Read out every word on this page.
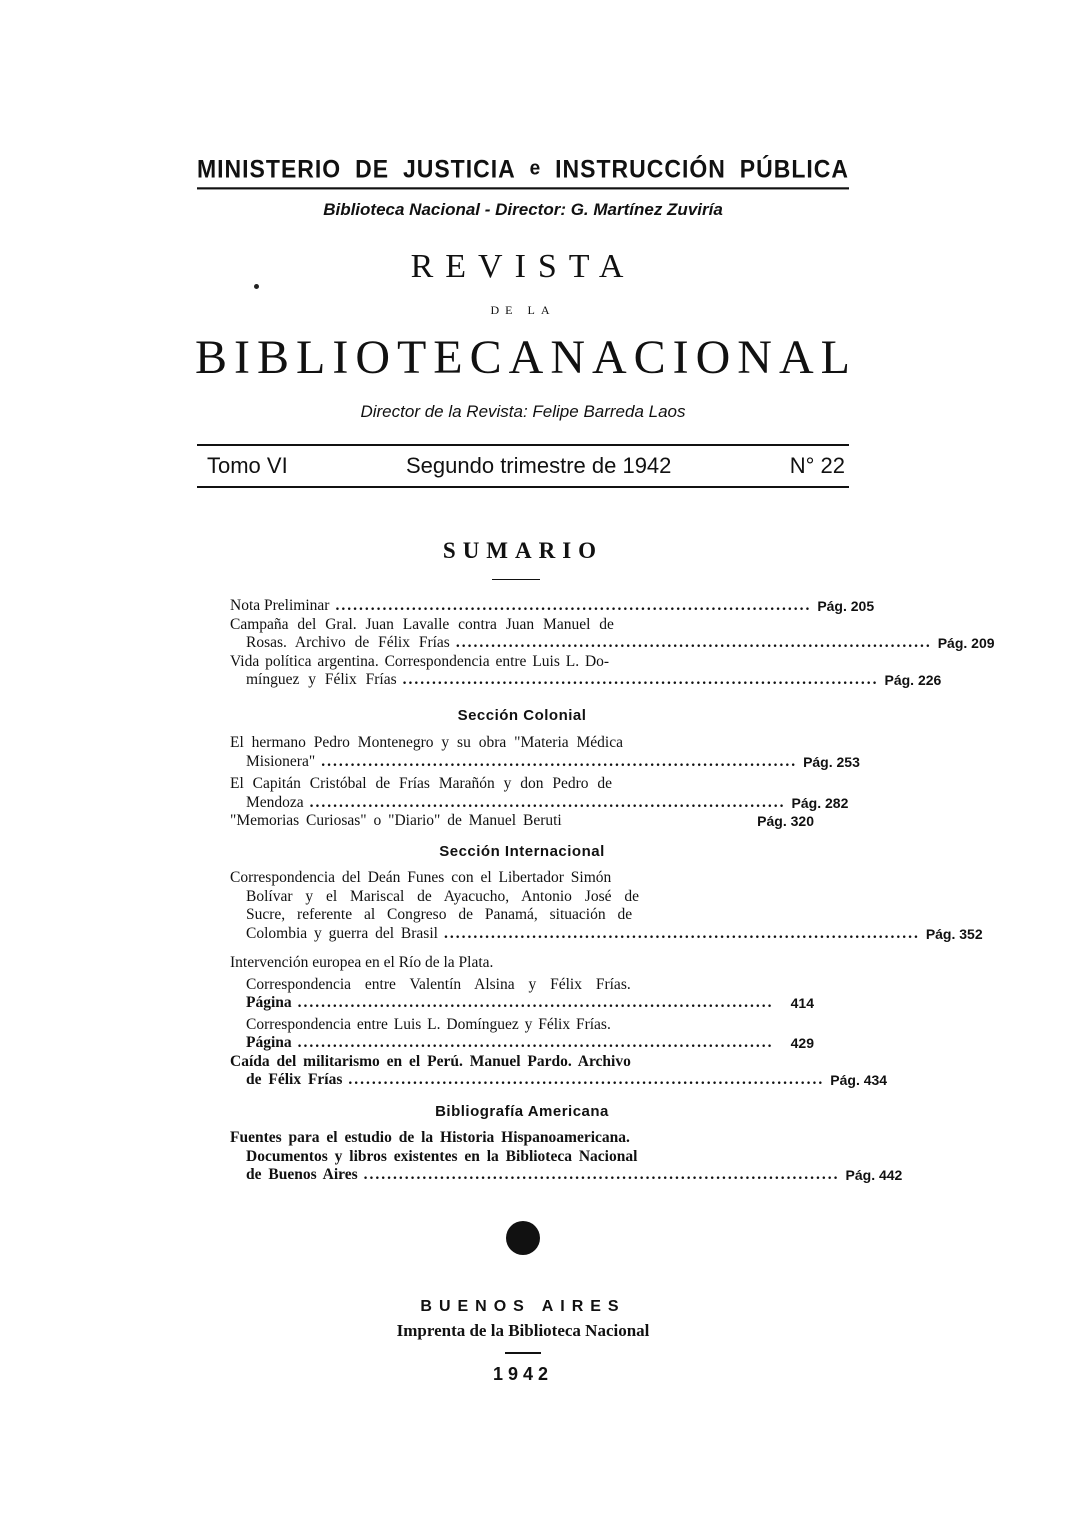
MINISTERIO DE JUSTICIA e INSTRUCCIÓN PÚBLICA
Biblioteca Nacional - Director: G. Martínez Zuviría
REVISTA
DE LA
BIBLIOTECA NACIONAL
Director de la Revista: Felipe Barreda Laos
Tomo VI	Segundo trimestre de 1942	N° 22
SUMARIO
Nota Preliminar ................................................................................. Pág. 205
Campaña del Gral. Juan Lavalle contra Juan Manuel de
Rosas. Archivo de Félix Frías ................................................................................. Pág. 209
Vida política argentina. Correspondencia entre Luis L. Do-
mínguez y Félix Frías ................................................................................. Pág. 226
Sección Colonial
El hermano Pedro Montenegro y su obra "Materia Médica
Misionera" ................................................................................. Pág. 253
El Capitán Cristóbal de Frías Marañón y don Pedro de
Mendoza ................................................................................. Pág. 282
"Memorias Curiosas" o "Diario" de Manuel Beruti	Pág. 320
Sección Internacional
Correspondencia del Deán Funes con el Libertador Simón
Bolívar y el Mariscal de Ayacucho, Antonio José de
Sucre, referente al Congreso de Panamá, situación de
Colombia y guerra del Brasil ................................................................................. Pág. 352
Intervención europea en el Río de la Plata.
Correspondencia entre Valentín Alsina y Félix Frías.
Página .................................................................................	414
Correspondencia entre Luis L. Domínguez y Félix Frías.
Página .................................................................................	429
Caída del militarismo en el Perú. Manuel Pardo. Archivo
de Félix Frías ................................................................................. Pág. 434
Bibliografía Americana
Fuentes para el estudio de la Historia Hispanoamericana.
Documentos y libros existentes en la Biblioteca Nacional
de Buenos Aires ................................................................................. Pág. 442
BUENOS AIRES
Imprenta de la Biblioteca Nacional
1942
